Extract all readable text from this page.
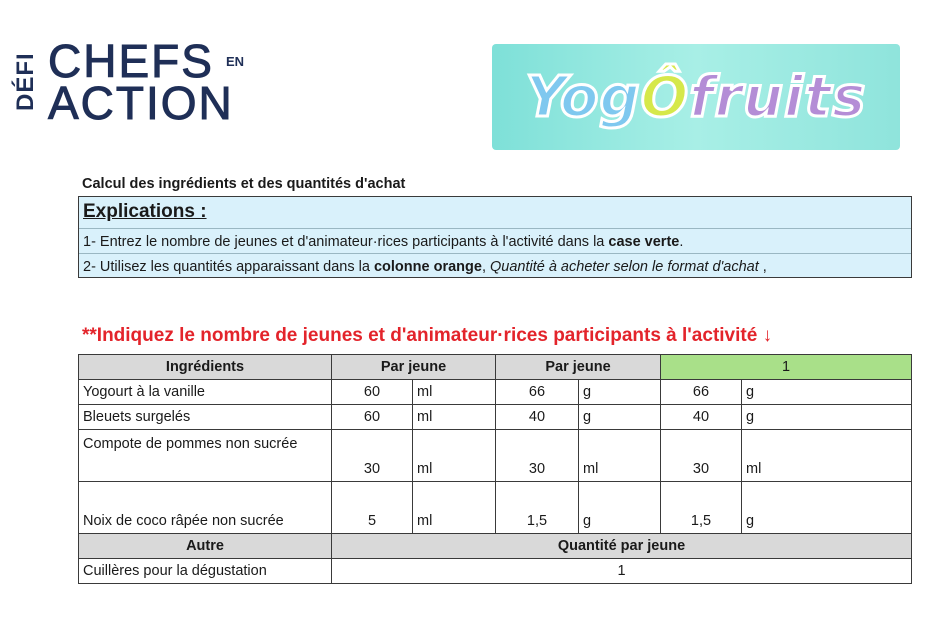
DÉFI CHEFS EN
ACTION	Yog Ô fruits
Calcul des ingrédients et des quantités d'achat
Explications :
1- Entrez le nombre de jeunes et d'animateur·rices participants à l'activité dans la case verte.
2- Utilisez les quantités apparaissant dans la colonne orange, Quantité à acheter selon le format d'achat ,
**Indiquez le nombre de jeunes et d'animateur·rices participants à l'activité ↓
Ingrédients	Par jeune		Par jeune		1	
Yogourt à la vanille	60	ml	66	g	66	g
Bleuets surgelés	60	ml	40	g	40	g
Compote de pommes non sucrée	30	ml	30	ml	30	ml
Noix de coco râpée non sucrée	5	ml	1,5	g	1,5	g
Autre	Quantité par jeune					
Cuillères pour la dégustation	1					
